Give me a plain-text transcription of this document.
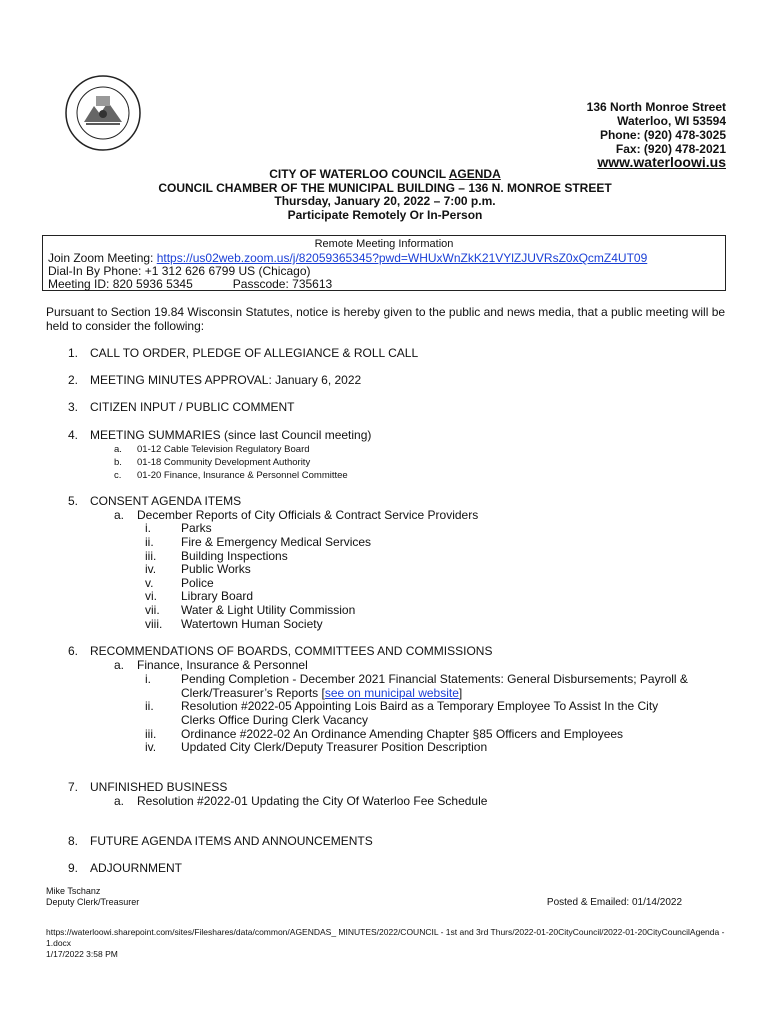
136 North Monroe Street
Waterloo, WI 53594
Phone: (920) 478-3025
Fax: (920) 478-2021
www.waterloowi.us
CITY OF WATERLOO COUNCIL AGENDA
COUNCIL CHAMBER OF THE MUNICIPAL BUILDING – 136 N. MONROE STREET
Thursday, January 20, 2022 – 7:00 p.m.
Participate Remotely Or In-Person
Remote Meeting Information
Join Zoom Meeting: https://us02web.zoom.us/j/82059365345?pwd=WHUxWnZkK21VYlZJUVRsZ0xQcmZ4UT09
Dial-In By Phone: +1 312 626 6799 US (Chicago)
Meeting ID: 820 5936 5345	Passcode: 735613
Pursuant to Section 19.84 Wisconsin Statutes, notice is hereby given to the public and news media, that a public meeting will be held to consider the following:
1. CALL TO ORDER, PLEDGE OF ALLEGIANCE & ROLL CALL
2. MEETING MINUTES APPROVAL: January 6, 2022
3. CITIZEN INPUT / PUBLIC COMMENT
4. MEETING SUMMARIES (since last Council meeting)
a. 01-12 Cable Television Regulatory Board
b. 01-18 Community Development Authority
c. 01-20 Finance, Insurance & Personnel Committee
5. CONSENT AGENDA ITEMS
a. December Reports of City Officials & Contract Service Providers
i.	Parks
ii. Fire & Emergency Medical Services
iii. Building Inspections
iv. Public Works
v. Police
vi. Library Board
vii. Water & Light Utility Commission
viii. Watertown Human Society
6. RECOMMENDATIONS OF BOARDS, COMMITTEES AND COMMISSIONS
a. Finance, Insurance & Personnel
i.	Pending Completion - December 2021 Financial Statements: General Disbursements; Payroll &
Clerk/Treasurer’s Reports [see on municipal website]
ii. Resolution #2022-05 Appointing Lois Baird as a Temporary Employee To Assist In the City
Clerks Office During Clerk Vacancy
iii. Ordinance #2022-02 An Ordinance Amending Chapter §85 Officers and Employees
iv. Updated City Clerk/Deputy Treasurer Position Description
7. UNFINISHED BUSINESS
a. Resolution #2022-01 Updating the City Of Waterloo Fee Schedule
8. FUTURE AGENDA ITEMS AND ANNOUNCEMENTS
9. ADJOURNMENT
Mike Tschanz
Deputy Clerk/Treasurer	Posted & Emailed: 01/14/2022
https://waterloowi.sharepoint.com/sites/Fileshares/data/common/AGENDAS_ MINUTES/2022/COUNCIL - 1st and 3rd Thurs/2022-01-20CityCouncil/2022-01-20CityCouncilAgenda - 1.docx
1/17/2022 3:58 PM
